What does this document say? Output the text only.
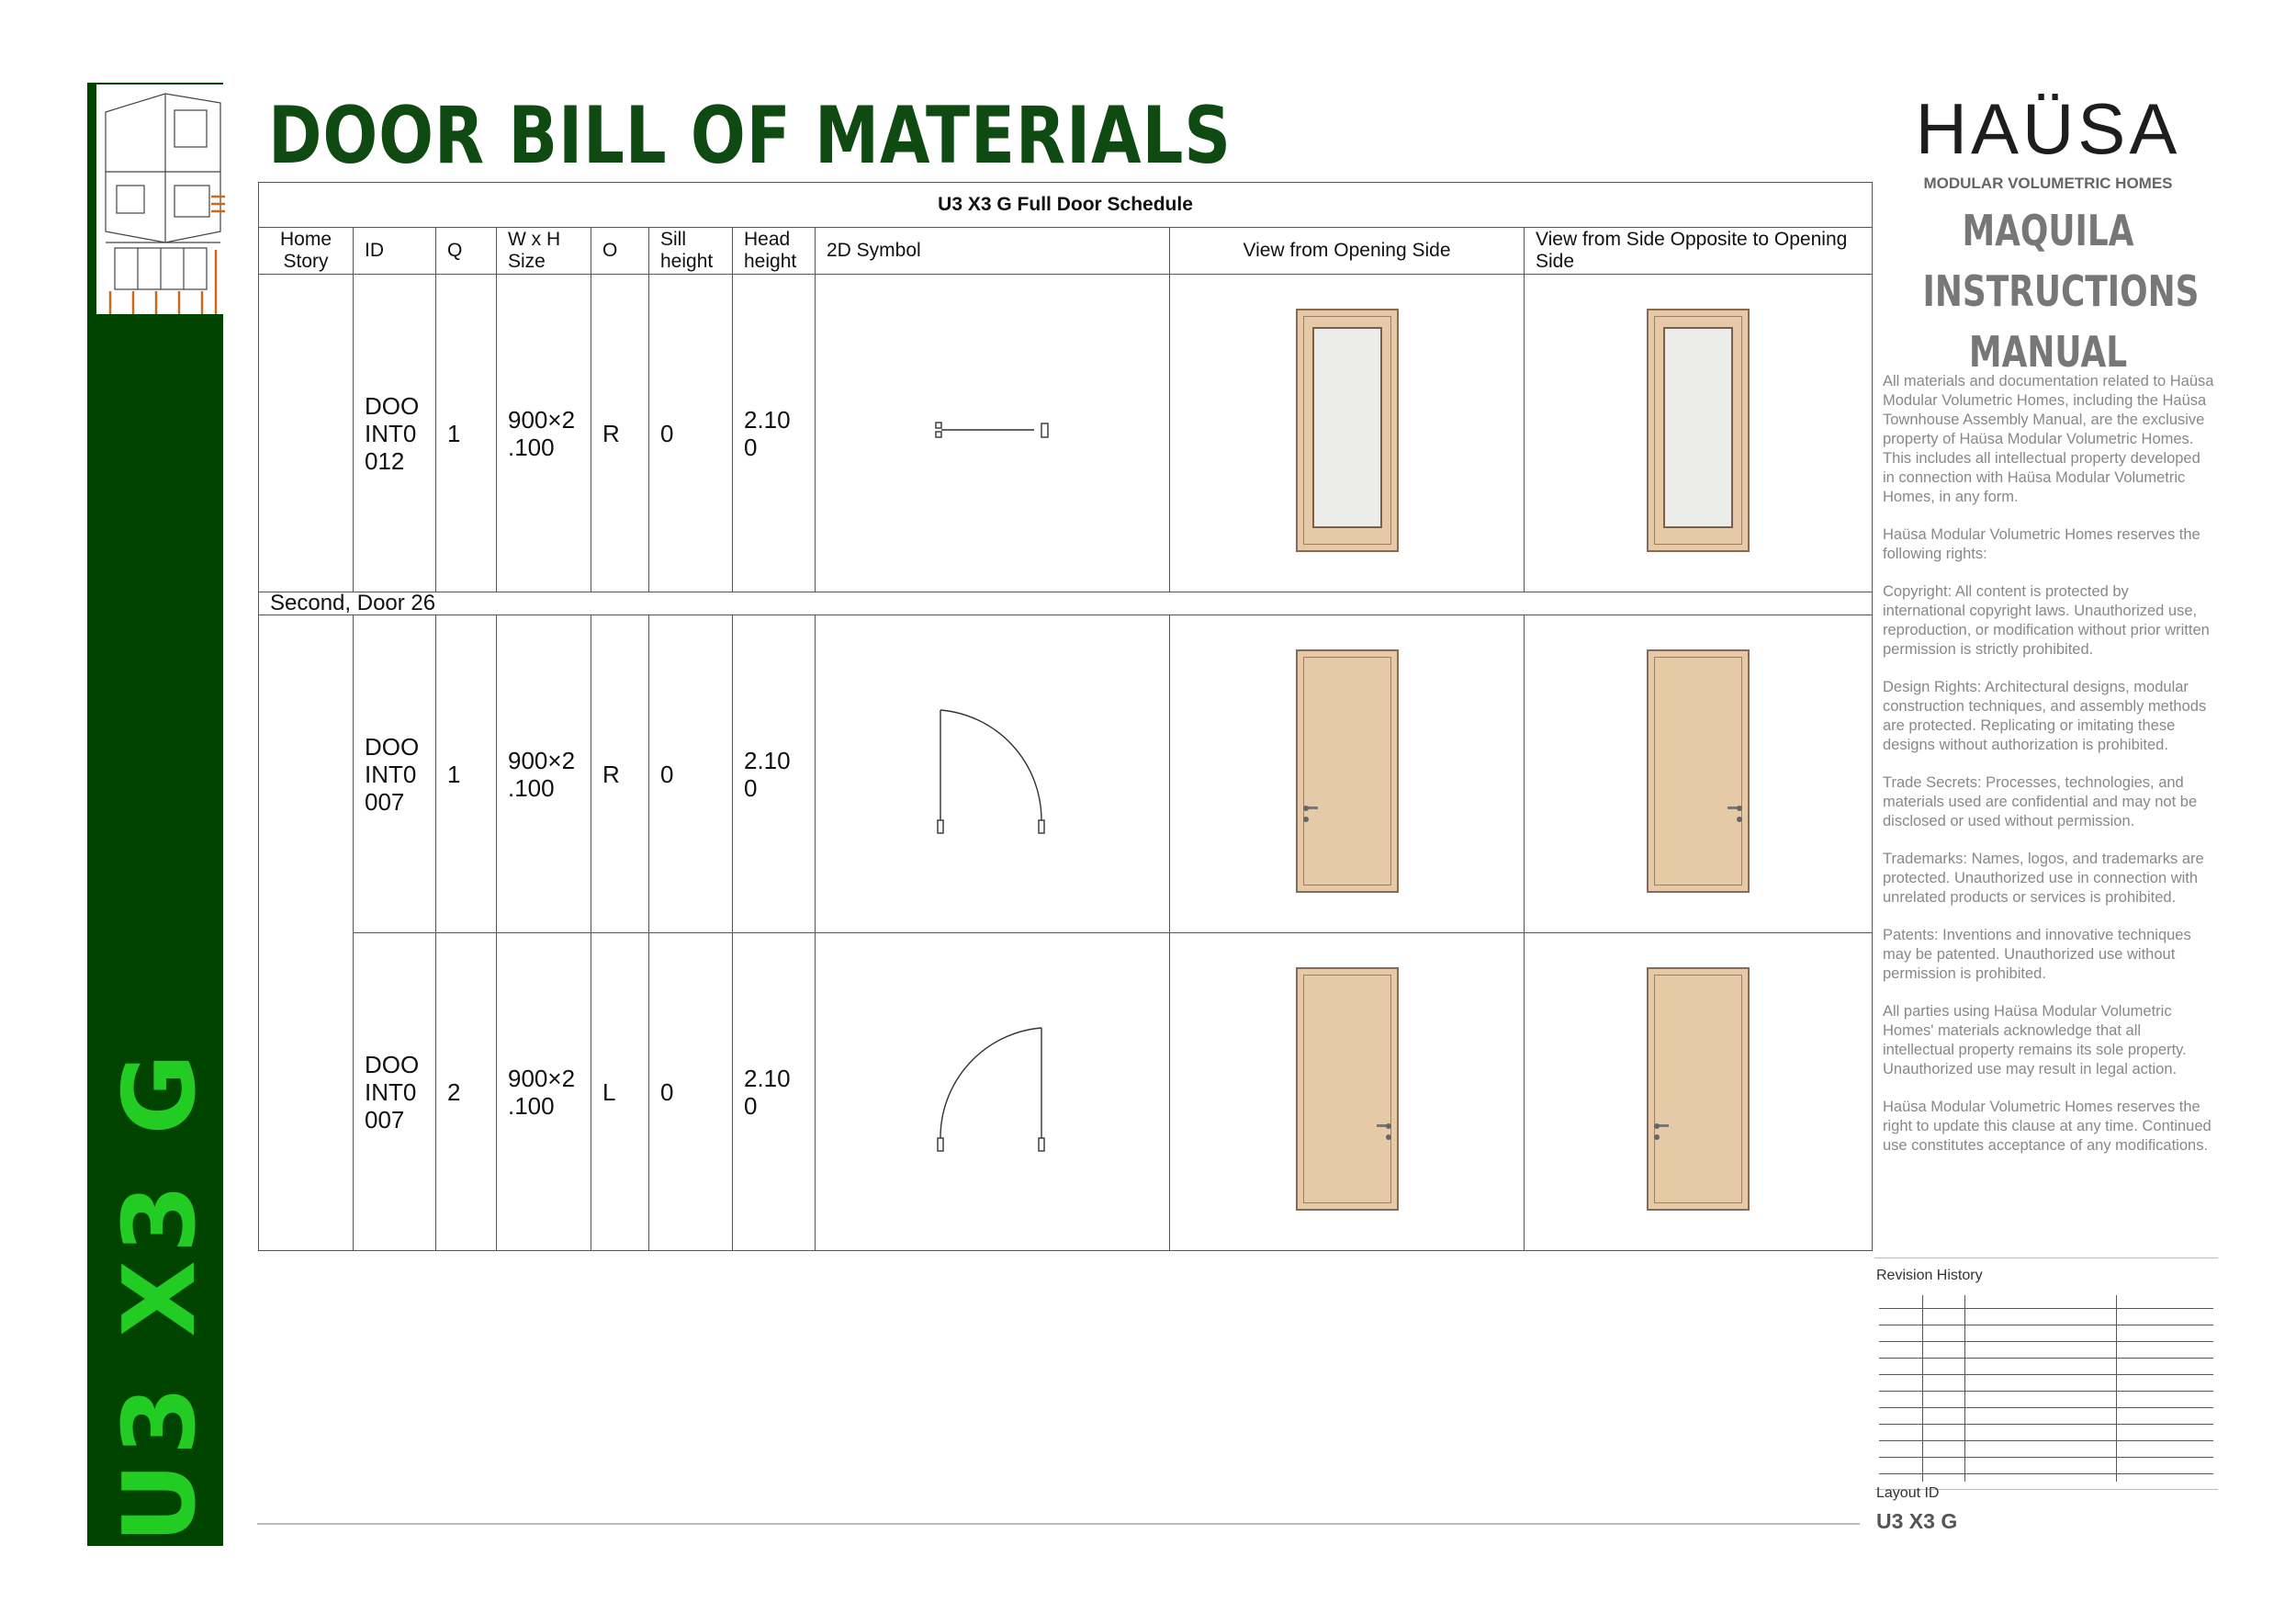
U3 X3 G
DOOR BILL OF MATERIALS
U3 X3 G Full Door Schedule									
Home Story	ID	Q	W x H Size	O	Sill height	Head height	2D Symbol	View from Opening Side	View from Side Opposite to Opening Side
	DOO INT0 012	1	900×2 .100	R	0	2.10 0		

Second, Door 26									
	DOO INT0 007	1	900×2 .100	R	0	2.10 0		

	DOO INT0 007	2	900×2 .100	L	0	2.10 0		

HAÜSA
MODULAR VOLUMETRIC HOMES
MAQUILA
INSTRUCTIONS
MANUAL

All materials and documentation related to Haüsa Modular Volumetric Homes, including the Haüsa Townhouse Assembly Manual, are the exclusive property of Haüsa Modular Volumetric Homes. This includes all intellectual property developed in connection with Haüsa Modular Volumetric Homes, in any form.

Haüsa Modular Volumetric Homes reserves the following rights:

Copyright: All content is protected by international copyright laws. Unauthorized use, reproduction, or modification without prior written permission is strictly prohibited.

Design Rights: Architectural designs, modular construction techniques, and assembly methods are protected. Replicating or imitating these designs without authorization is prohibited.

Trade Secrets: Processes, technologies, and materials used are confidential and may not be disclosed or used without permission.

Trademarks: Names, logos, and trademarks are protected. Unauthorized use in connection with unrelated products or services is prohibited.

Patents: Inventions and innovative techniques may be patented. Unauthorized use without permission is prohibited.

All parties using Haüsa Modular Volumetric Homes' materials acknowledge that all intellectual property remains its sole property. Unauthorized use may result in legal action.

Haüsa Modular Volumetric Homes reserves the right to update this clause at any time. Continued use constitutes acceptance of any modifications.

Revision History
Layout ID
U3 X3 G
